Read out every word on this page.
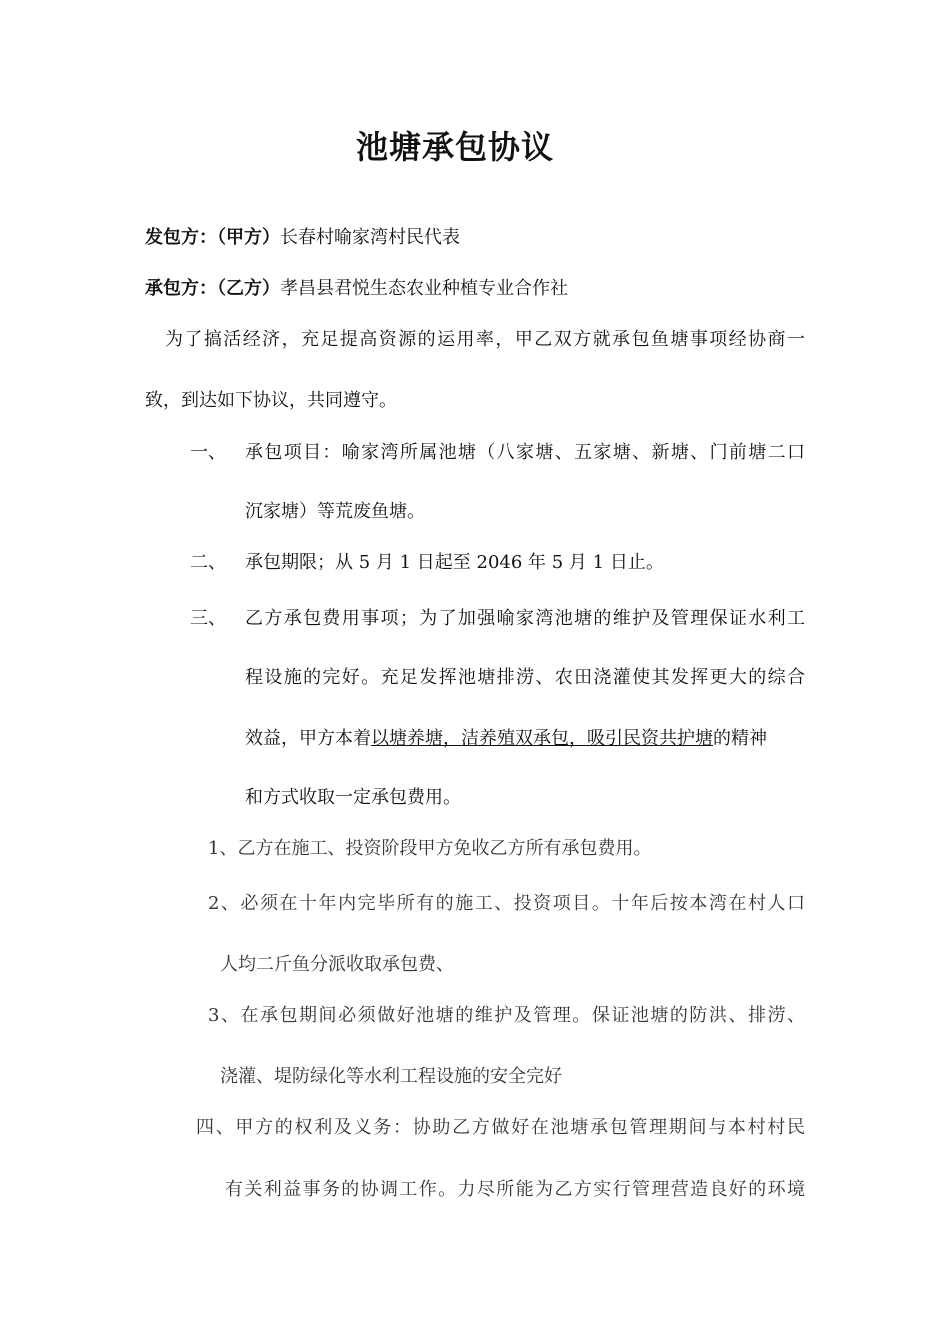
池塘承包协议
发包方：（甲方）长春村喻家湾村民代表
承包方：（乙方）孝昌县君悦生态农业种植专业合作社
为了搞活经济，充足提高资源的运用率，甲乙双方就承包鱼塘事项经协商一
致，到达如下协议，共同遵守。
一、 承包项目：喻家湾所属池塘（八家塘、五家塘、新塘、门前塘二口
沉家塘）等荒废鱼塘。
二、 承包期限；从 5 月 1 日起至 2046 年 5 月 1 日止。
三、 乙方承包费用事项；为了加强喻家湾池塘的维护及管理保证水利工
程设施的完好。充足发挥池塘排涝、农田浇灌使其发挥更大的综合
效益，甲方本着以塘养塘，洁养殖双承包，吸引民资共护塘的精神
和方式收取一定承包费用。
1、乙方在施工、投资阶段甲方免收乙方所有承包费用。
2、必须在十年内完毕所有的施工、投资项目。十年后按本湾在村人口
人均二斤鱼分派收取承包费、
3、在承包期间必须做好池塘的维护及管理。保证池塘的防洪、排涝、
浇灌、堤防绿化等水利工程设施的安全完好
四、甲方的权利及义务：协助乙方做好在池塘承包管理期间与本村村民
有关利益事务的协调工作。力尽所能为乙方实行管理营造良好的环境
